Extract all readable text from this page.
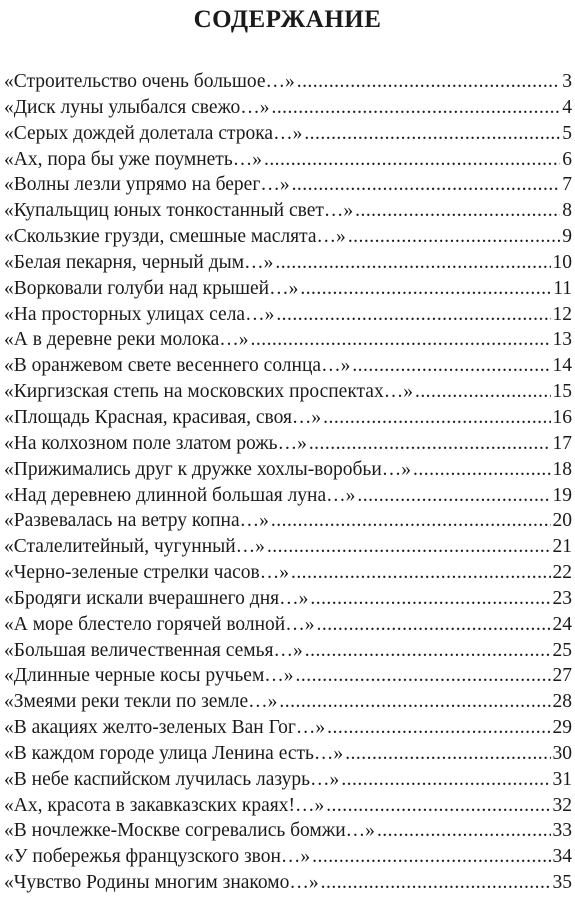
СОДЕРЖАНИЕ
«Строительство очень большое…» . . .	3
«Диск луны улыбался свежо…» . . .	4
«Серых дождей долетала строка…» . . .	5
«Ах, пора бы уже поумнеть…» . . .	6
«Волны лезли упрямо на берег…» . . .	7
«Купальщиц юных тонкостанный свет…» . . .	8
«Скользкие грузди, смешные маслята…» . . .	9
«Белая пекарня, черный дым…» . . .	10
«Ворковали голуби над крышей…» . . .	11
«На просторных улицах села…» . . .	12
«А в деревне реки молока…» . . .	13
«В оранжевом свете весеннего солнца…» . . .	14
«Киргизская степь на московских проспектах…» . . .	15
«Площадь Красная, красивая, своя…» . . .	16
«На колхозном поле златом рожь…» . . .	17
«Прижимались друг к дружке хохлы-воробьи…» . . .	18
«Над деревнею длинной большая луна…» . . .	19
«Развевалась на ветру копна…» . . .	20
«Сталелитейный, чугунный…» . . .	21
«Черно-зеленые стрелки часов…» . . .	22
«Бродяги искали вчерашнего дня…» . . .	23
«А море блестело горячей волной…» . . .	24
«Большая величественная семья…» . . .	25
«Длинные черные косы ручьем…» . . .	27
«Змеями реки текли по земле…» . . .	28
«В акациях желто-зеленых Ван Гог…» . . .	29
«В каждом городе улица Ленина есть…» . . .	30
«В небе каспийском лучилась лазурь…» . . .	31
«Ах, красота в закавказских краях!…» . . .	32
«В ночлежке-Москве согревались бомжи…» . . .	33
«У побережья французского звон…» . . .	34
«Чувство Родины многим знакомо…» . . .	35
